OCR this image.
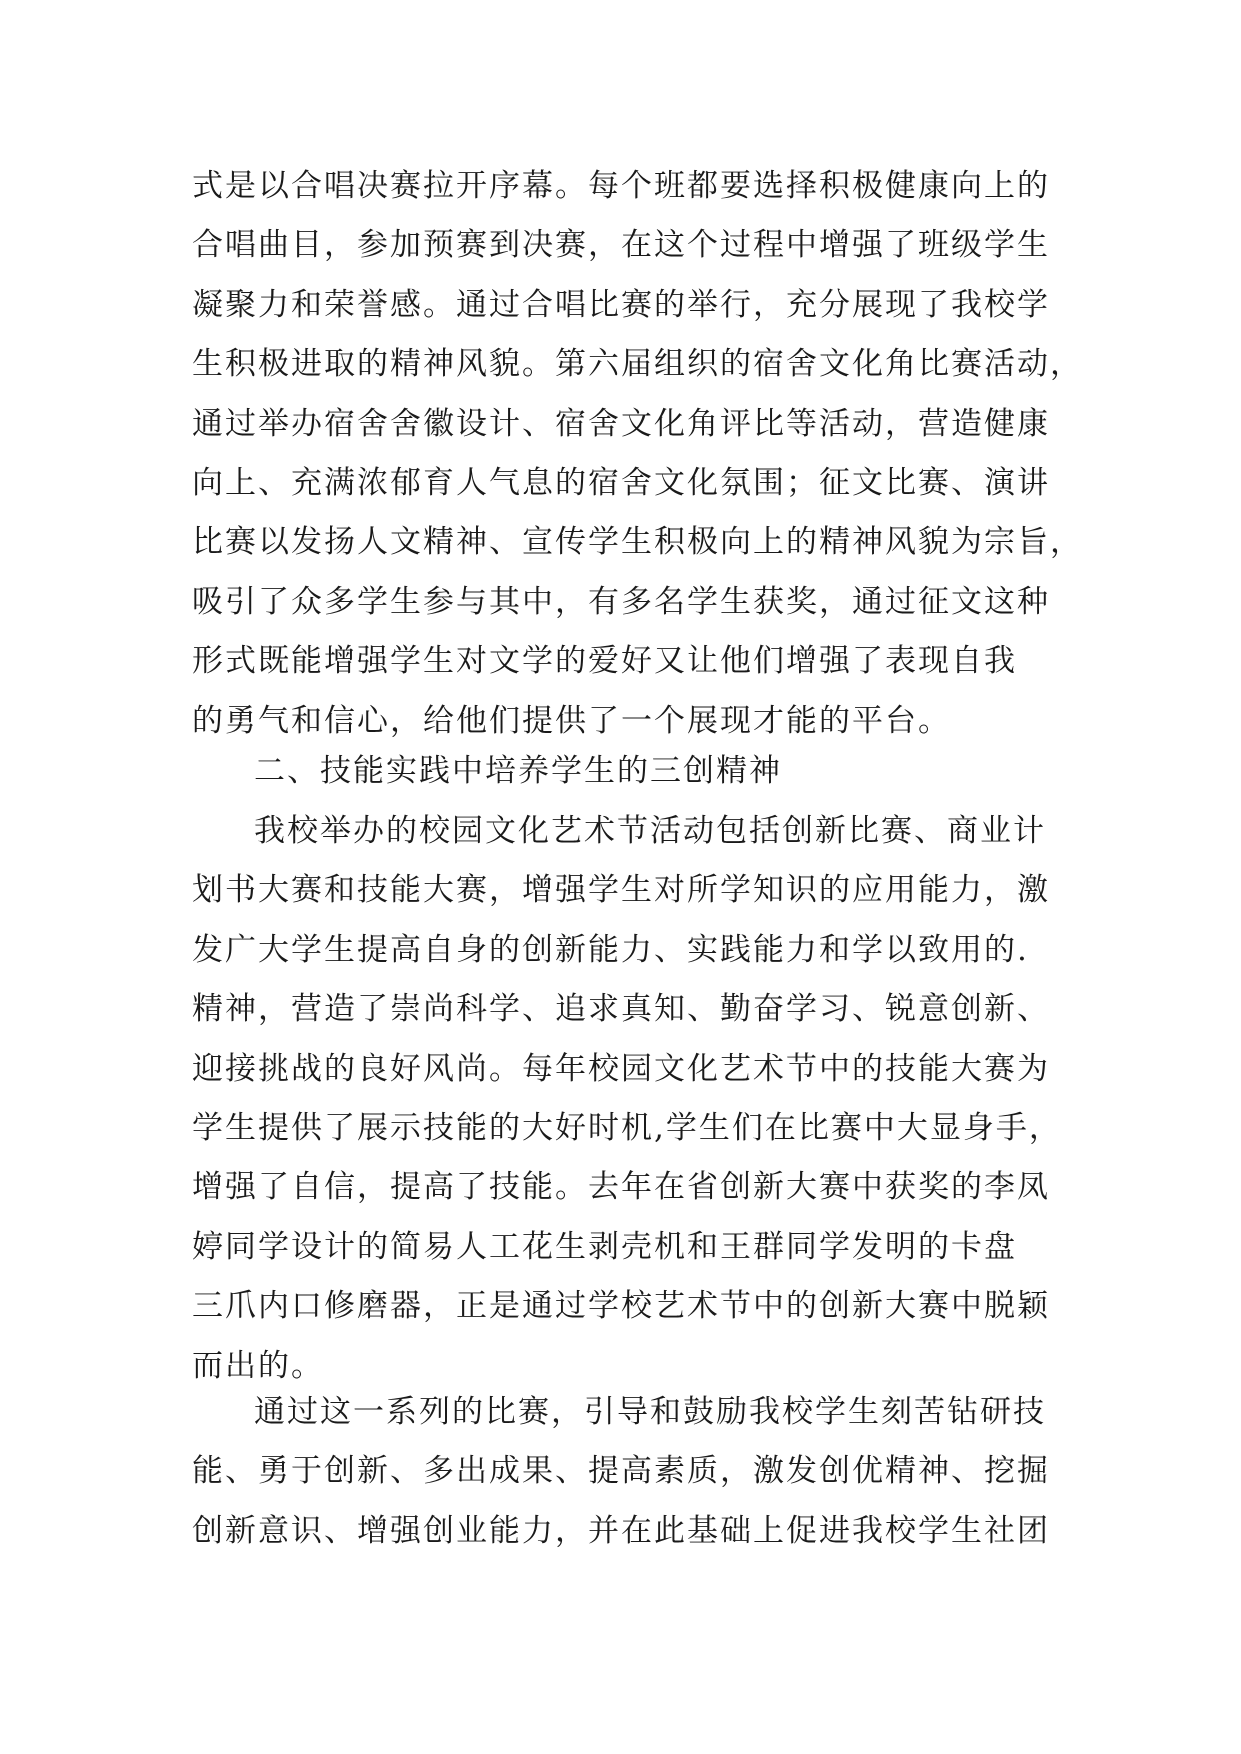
式是以合唱决赛拉开序幕。每个班都要选择积极健康向上的
合唱曲目，参加预赛到决赛，在这个过程中增强了班级学生
凝聚力和荣誉感。通过合唱比赛的举行，充分展现了我校学
生积极进取的精神风貌。第六届组织的宿舍文化角比赛活动，
通过举办宿舍舍徽设计、宿舍文化角评比等活动，营造健康
向上、充满浓郁育人气息的宿舍文化氛围；征文比赛、演讲
比赛以发扬人文精神、宣传学生积极向上的精神风貌为宗旨，
吸引了众多学生参与其中，有多名学生获奖，通过征文这种
形式既能增强学生对文学的爱好又让他们增强了表现自我
的勇气和信心，给他们提供了一个展现才能的平台。
二、技能实践中培养学生的三创精神
我校举办的校园文化艺术节活动包括创新比赛、商业计
划书大赛和技能大赛，增强学生对所学知识的应用能力，激
发广大学生提高自身的创新能力、实践能力和学以致用的.
精神，营造了崇尚科学、追求真知、勤奋学习、锐意创新、
迎接挑战的良好风尚。每年校园文化艺术节中的技能大赛为
学生提供了展示技能的大好时机,学生们在比赛中大显身手，
增强了自信，提高了技能。去年在省创新大赛中获奖的李凤
婷同学设计的简易人工花生剥壳机和王群同学发明的卡盘
三爪内口修磨器，正是通过学校艺术节中的创新大赛中脱颖
而出的。
通过这一系列的比赛，引导和鼓励我校学生刻苦钻研技
能、勇于创新、多出成果、提高素质，激发创优精神、挖掘
创新意识、增强创业能力，并在此基础上促进我校学生社团
